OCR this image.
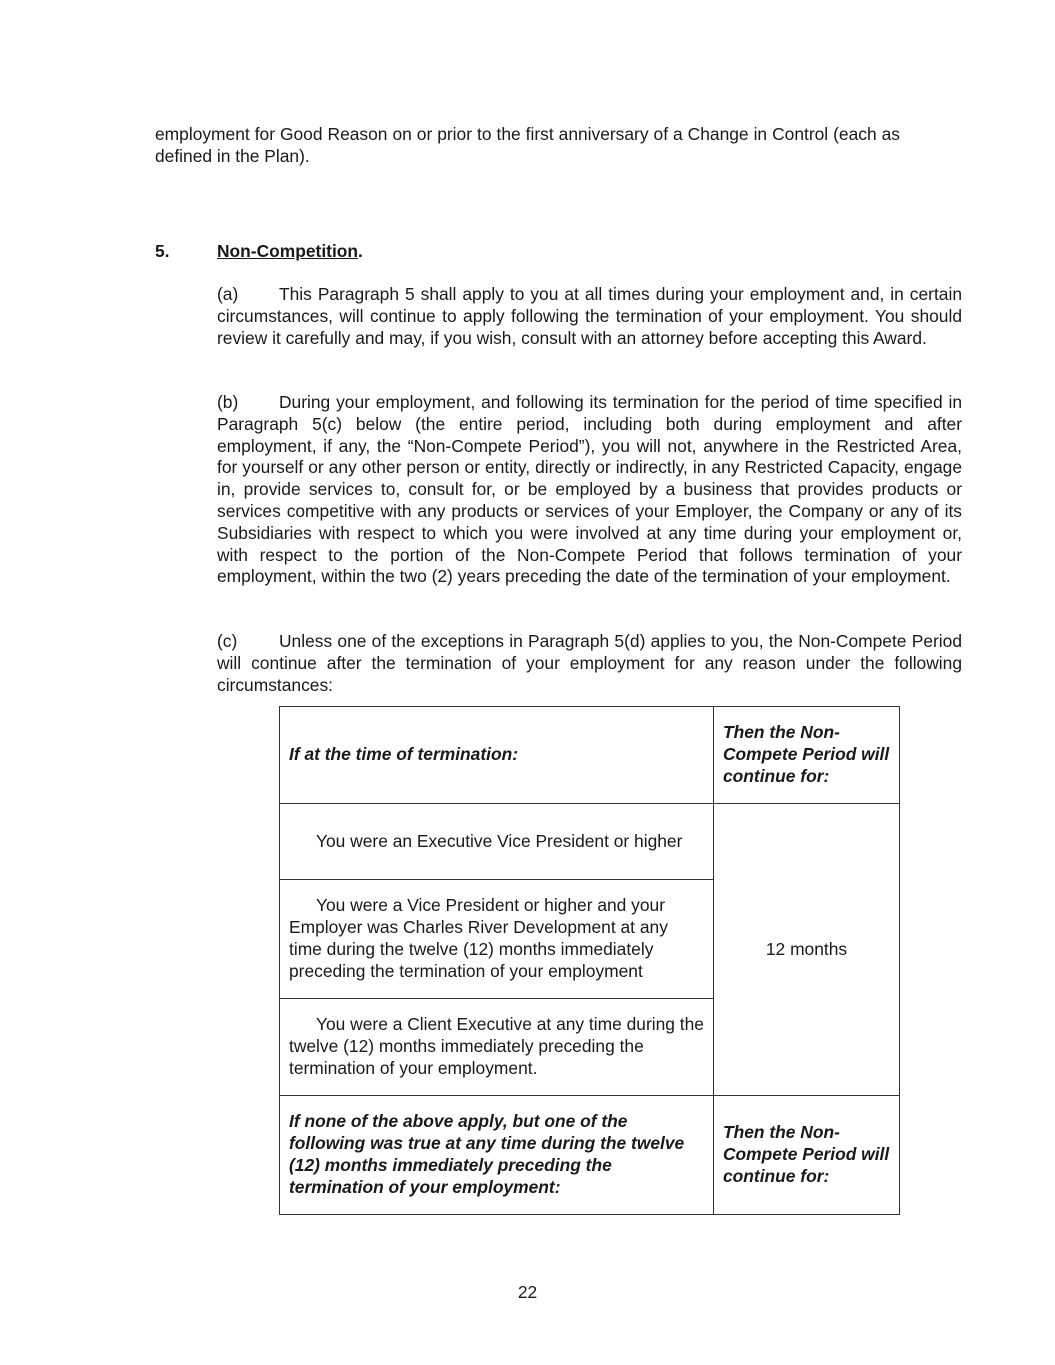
employment for Good Reason on or prior to the first anniversary of a Change in Control (each as defined in the Plan).

5.	Non-Competition.

(a) This Paragraph 5 shall apply to you at all times during your employment and, in certain circumstances, will continue to apply following the termination of your employment. You should review it carefully and may, if you wish, consult with an attorney before accepting this Award.

(b) During your employment, and following its termination for the period of time specified in Paragraph 5(c) below (the entire period, including both during employment and after employment, if any, the “Non-Compete Period”), you will not, anywhere in the Restricted Area, for yourself or any other person or entity, directly or indirectly, in any Restricted Capacity, engage in, provide services to, consult for, or be employed by a business that provides products or services competitive with any products or services of your Employer, the Company or any of its Subsidiaries with respect to which you were involved at any time during your employment or, with respect to the portion of the Non-Compete Period that follows termination of your employment, within the two (2) years preceding the date of the termination of your employment.

(c) Unless one of the exceptions in Paragraph 5(d) applies to you, the Non-Compete Period will continue after the termination of your employment for any reason under the following circumstances:

If at the time of termination:	Then the Non-Compete Period will continue for:
You were an Executive Vice President or higher	12 months
You were a Vice President or higher and your Employer was Charles River Development at any time during the twelve (12) months immediately preceding the termination of your employment	
You were a Client Executive at any time during the twelve (12) months immediately preceding the termination of your employment.	
If none of the above apply, but one of the following was true at any time during the twelve (12) months immediately preceding the termination of your employment:	Then the Non-Compete Period will continue for:
22
